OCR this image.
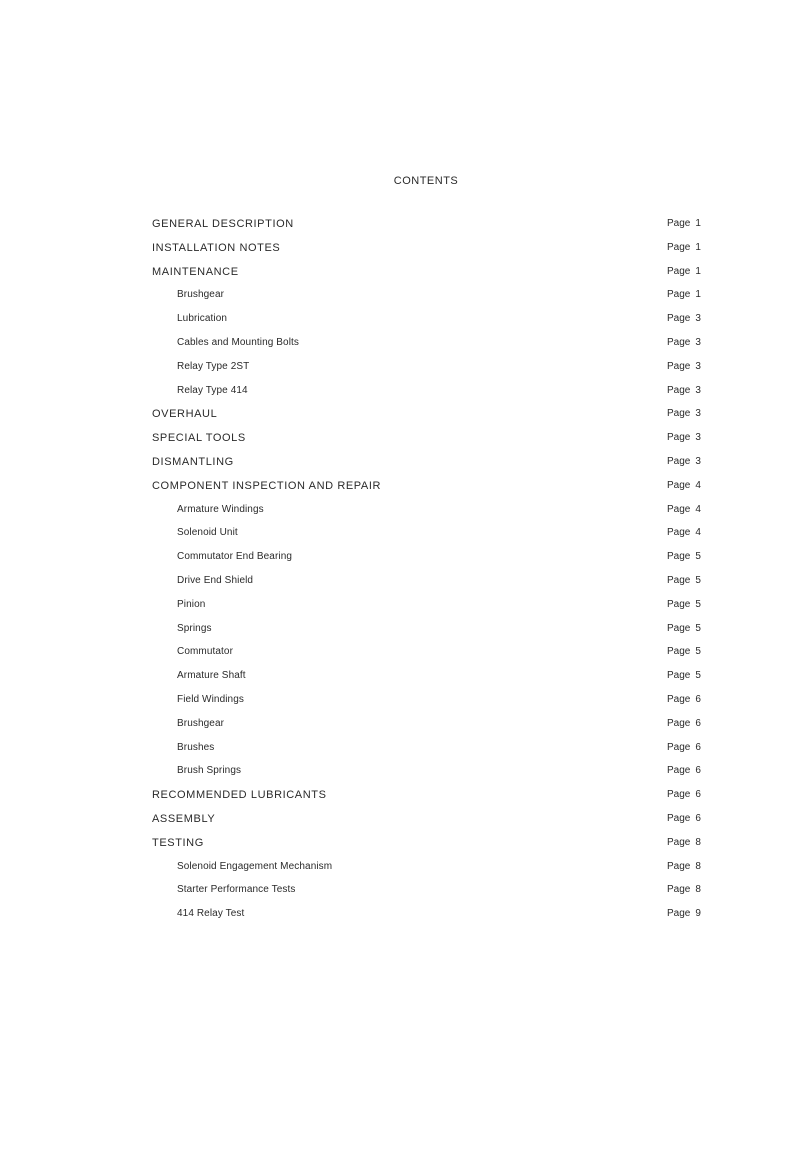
CONTENTS
GENERAL DESCRIPTION	Page 1
INSTALLATION NOTES	Page 1
MAINTENANCE	Page 1
Brushgear	Page 1
Lubrication	Page 3
Cables and Mounting Bolts	Page 3
Relay Type 2ST	Page 3
Relay Type 414	Page 3
OVERHAUL	Page 3
SPECIAL TOOLS	Page 3
DISMANTLING	Page 3
COMPONENT INSPECTION AND REPAIR	Page 4
Armature Windings	Page 4
Solenoid Unit	Page 4
Commutator End Bearing	Page 5
Drive End Shield	Page 5
Pinion	Page 5
Springs	Page 5
Commutator	Page 5
Armature Shaft	Page 5
Field Windings	Page 6
Brushgear	Page 6
Brushes	Page 6
Brush Springs	Page 6
RECOMMENDED LUBRICANTS	Page 6
ASSEMBLY	Page 6
TESTING	Page 8
Solenoid Engagement Mechanism	Page 8
Starter Performance Tests	Page 8
414 Relay Test	Page 9
